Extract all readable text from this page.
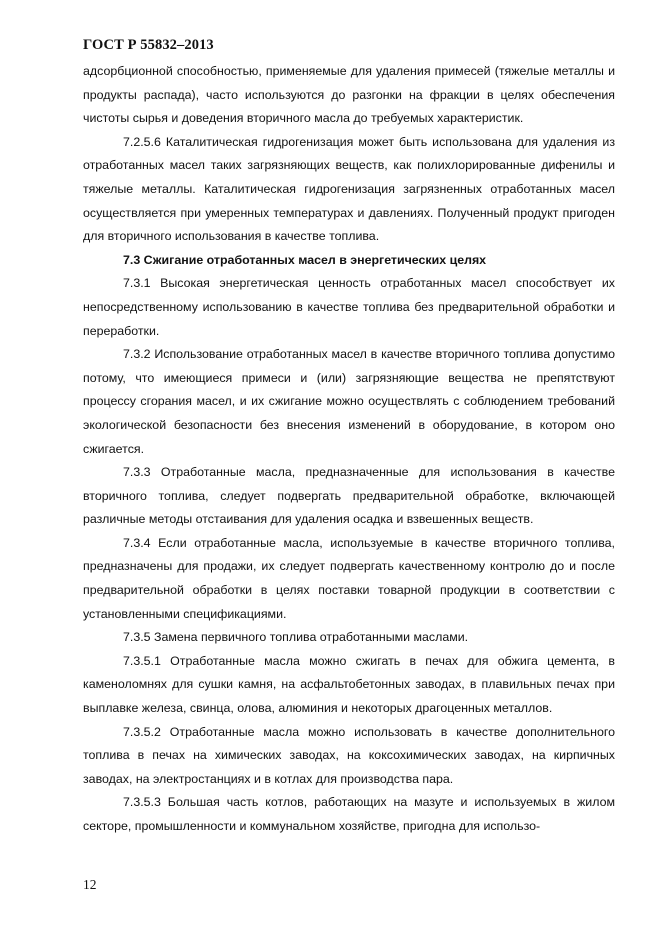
ГОСТ Р 55832–2013

адсорбционной способностью, применяемые для удаления примесей (тяжелые металлы и продукты распада), часто используются до разгонки на фракции в целях обеспечения чистоты сырья и доведения вторичного масла до требуемых характеристик.

7.2.5.6 Каталитическая гидрогенизация может быть использована для удаления из отработанных масел таких загрязняющих веществ, как полихлорированные дифенилы и тяжелые металлы. Каталитическая гидрогенизация загрязненных отработанных масел осуществляется при умеренных температурах и давлениях. Полученный продукт пригоден для вторичного использования в качестве топлива.

7.3 Сжигание отработанных масел в энергетических целях

7.3.1 Высокая энергетическая ценность отработанных масел способствует их непосредственному использованию в качестве топлива без предварительной обработки и переработки.

7.3.2 Использование отработанных масел в качестве вторичного топлива допустимо потому, что имеющиеся примеси и (или) загрязняющие вещества не препятствуют процессу сгорания масел, и их сжигание можно осуществлять с соблюдением требований экологической безопасности без внесения изменений в оборудование, в котором оно сжигается.

7.3.3 Отработанные масла, предназначенные для использования в качестве вторичного топлива, следует подвергать предварительной обработке, включающей различные методы отстаивания для удаления осадка и взвешенных веществ.

7.3.4 Если отработанные масла, используемые в качестве вторичного топлива, предназначены для продажи, их следует подвергать качественному контролю до и после предварительной обработки в целях поставки товарной продукции в соответствии с установленными спецификациями.

7.3.5 Замена первичного топлива отработанными маслами.

7.3.5.1 Отработанные масла можно сжигать в печах для обжига цемента, в каменоломнях для сушки камня, на асфальтобетонных заводах, в плавильных печах при выплавке железа, свинца, олова, алюминия и некоторых драгоценных металлов.

7.3.5.2 Отработанные масла можно использовать в качестве дополнительного топлива в печах на химических заводах, на коксохимических заводах, на кирпичных заводах, на электростанциях и в котлах для производства пара.

7.3.5.3 Большая часть котлов, работающих на мазуте и используемых в жилом секторе, промышленности и коммунальном хозяйстве, пригодна для использо-

12
